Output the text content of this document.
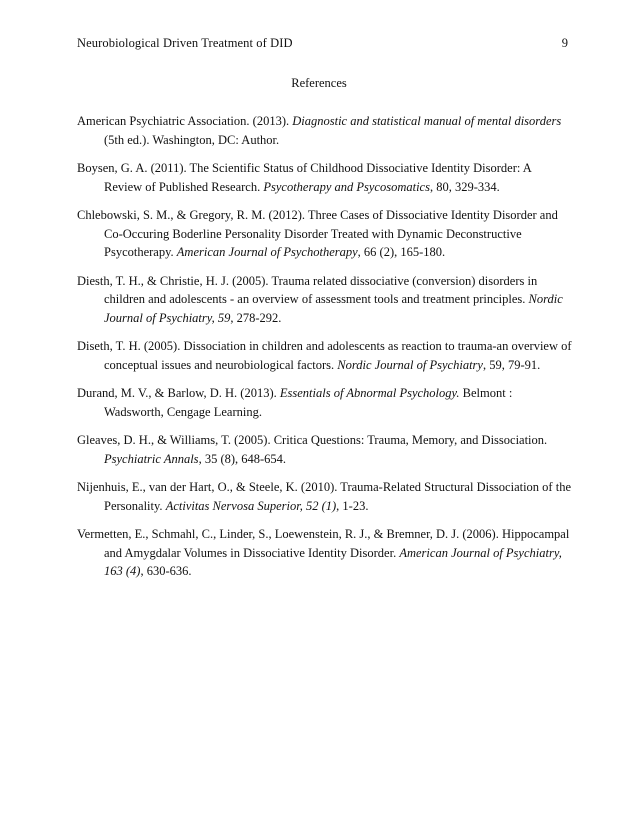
Neurobiological Driven Treatment of DID	9
References
American Psychiatric Association. (2013). Diagnostic and statistical manual of mental disorders (5th ed.). Washington, DC: Author.
Boysen, G. A. (2011). The Scientific Status of Childhood Dissociative Identity Disorder: A Review of Published Research. Psycotherapy and Psycosomatics, 80, 329-334.
Chlebowski, S. M., & Gregory, R. M. (2012). Three Cases of Dissociative Identity Disorder and Co-Occuring Boderline Personality Disorder Treated with Dynamic Deconstructive Psycotherapy. American Journal of Psychotherapy, 66 (2), 165-180.
Diesth, T. H., & Christie, H. J. (2005). Trauma related dissociative (conversion) disorders in children and adolescents - an overview of assessment tools and treatment principles. Nordic Journal of Psychiatry, 59, 278-292.
Diseth, T. H. (2005). Dissociation in children and adolescents as reaction to trauma-an overview of conceptual issues and neurobiological factors. Nordic Journal of Psychiatry, 59, 79-91.
Durand, M. V., & Barlow, D. H. (2013). Essentials of Abnormal Psychology. Belmont : Wadsworth, Cengage Learning.
Gleaves, D. H., & Williams, T. (2005). Critica Questions: Trauma, Memory, and Dissociation. Psychiatric Annals, 35 (8), 648-654.
Nijenhuis, E., van der Hart, O., & Steele, K. (2010). Trauma-Related Structural Dissociation of the Personality. Activitas Nervosa Superior, 52 (1), 1-23.
Vermetten, E., Schmahl, C., Linder, S., Loewenstein, R. J., & Bremner, D. J. (2006). Hippocampal and Amygdalar Volumes in Dissociative Identity Disorder. American Journal of Psychiatry, 163 (4), 630-636.
